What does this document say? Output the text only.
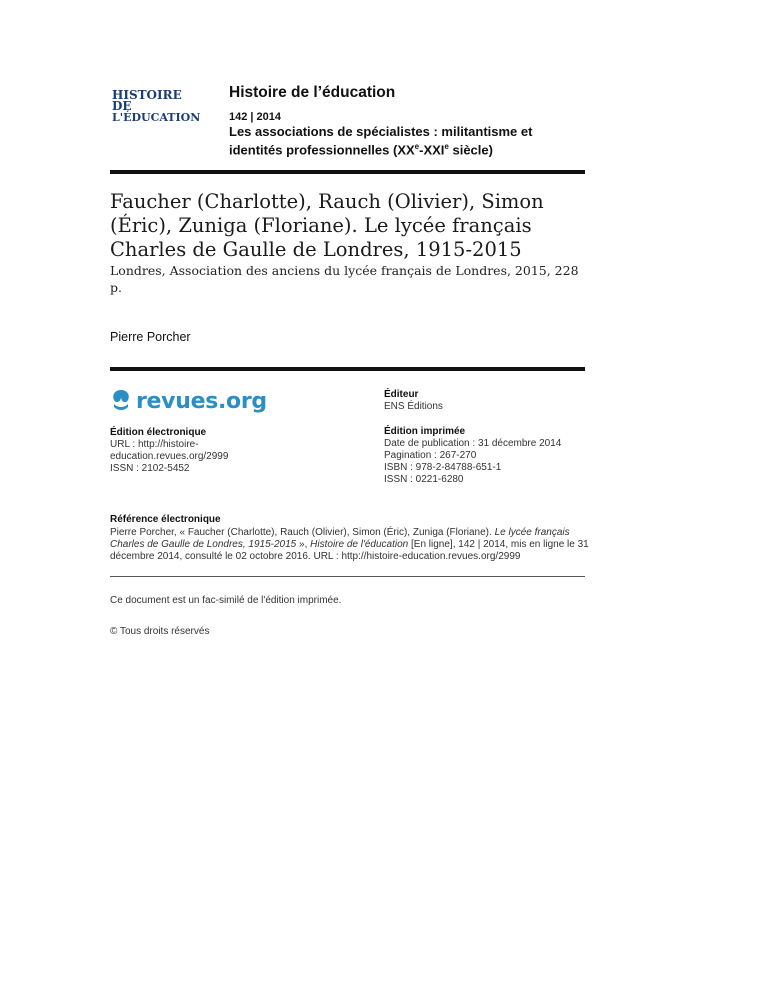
HISTOIRE
DE
L'ÉDUCATION
Histoire de l’éducation
142 | 2014
Les associations de spécialistes : militantisme et identités professionnelles (XXe-XXIe siècle)
Faucher (Charlotte), Rauch (Olivier), Simon (Éric), Zuniga (Floriane). Le lycée français Charles de Gaulle de Londres, 1915-2015
Londres, Association des anciens du lycée français de Londres, 2015, 228 p.
Pierre Porcher
revues.org	Éditeur
ENS Éditions
Édition électronique
URL : http://histoire-
education.revues.org/2999
ISSN : 2102-5452
Édition imprimée
Date de publication : 31 décembre 2014
Pagination : 267-270
ISBN : 978-2-84788-651-1
ISSN : 0221-6280
Référence électronique
Pierre Porcher, « Faucher (Charlotte), Rauch (Olivier), Simon (Éric), Zuniga (Floriane). Le lycée français Charles de Gaulle de Londres, 1915-2015 », Histoire de l'éducation [En ligne], 142 | 2014, mis en ligne le 31 décembre 2014, consulté le 02 octobre 2016. URL : http://histoire-education.revues.org/2999
Ce document est un fac-similé de l'édition imprimée.
© Tous droits réservés
